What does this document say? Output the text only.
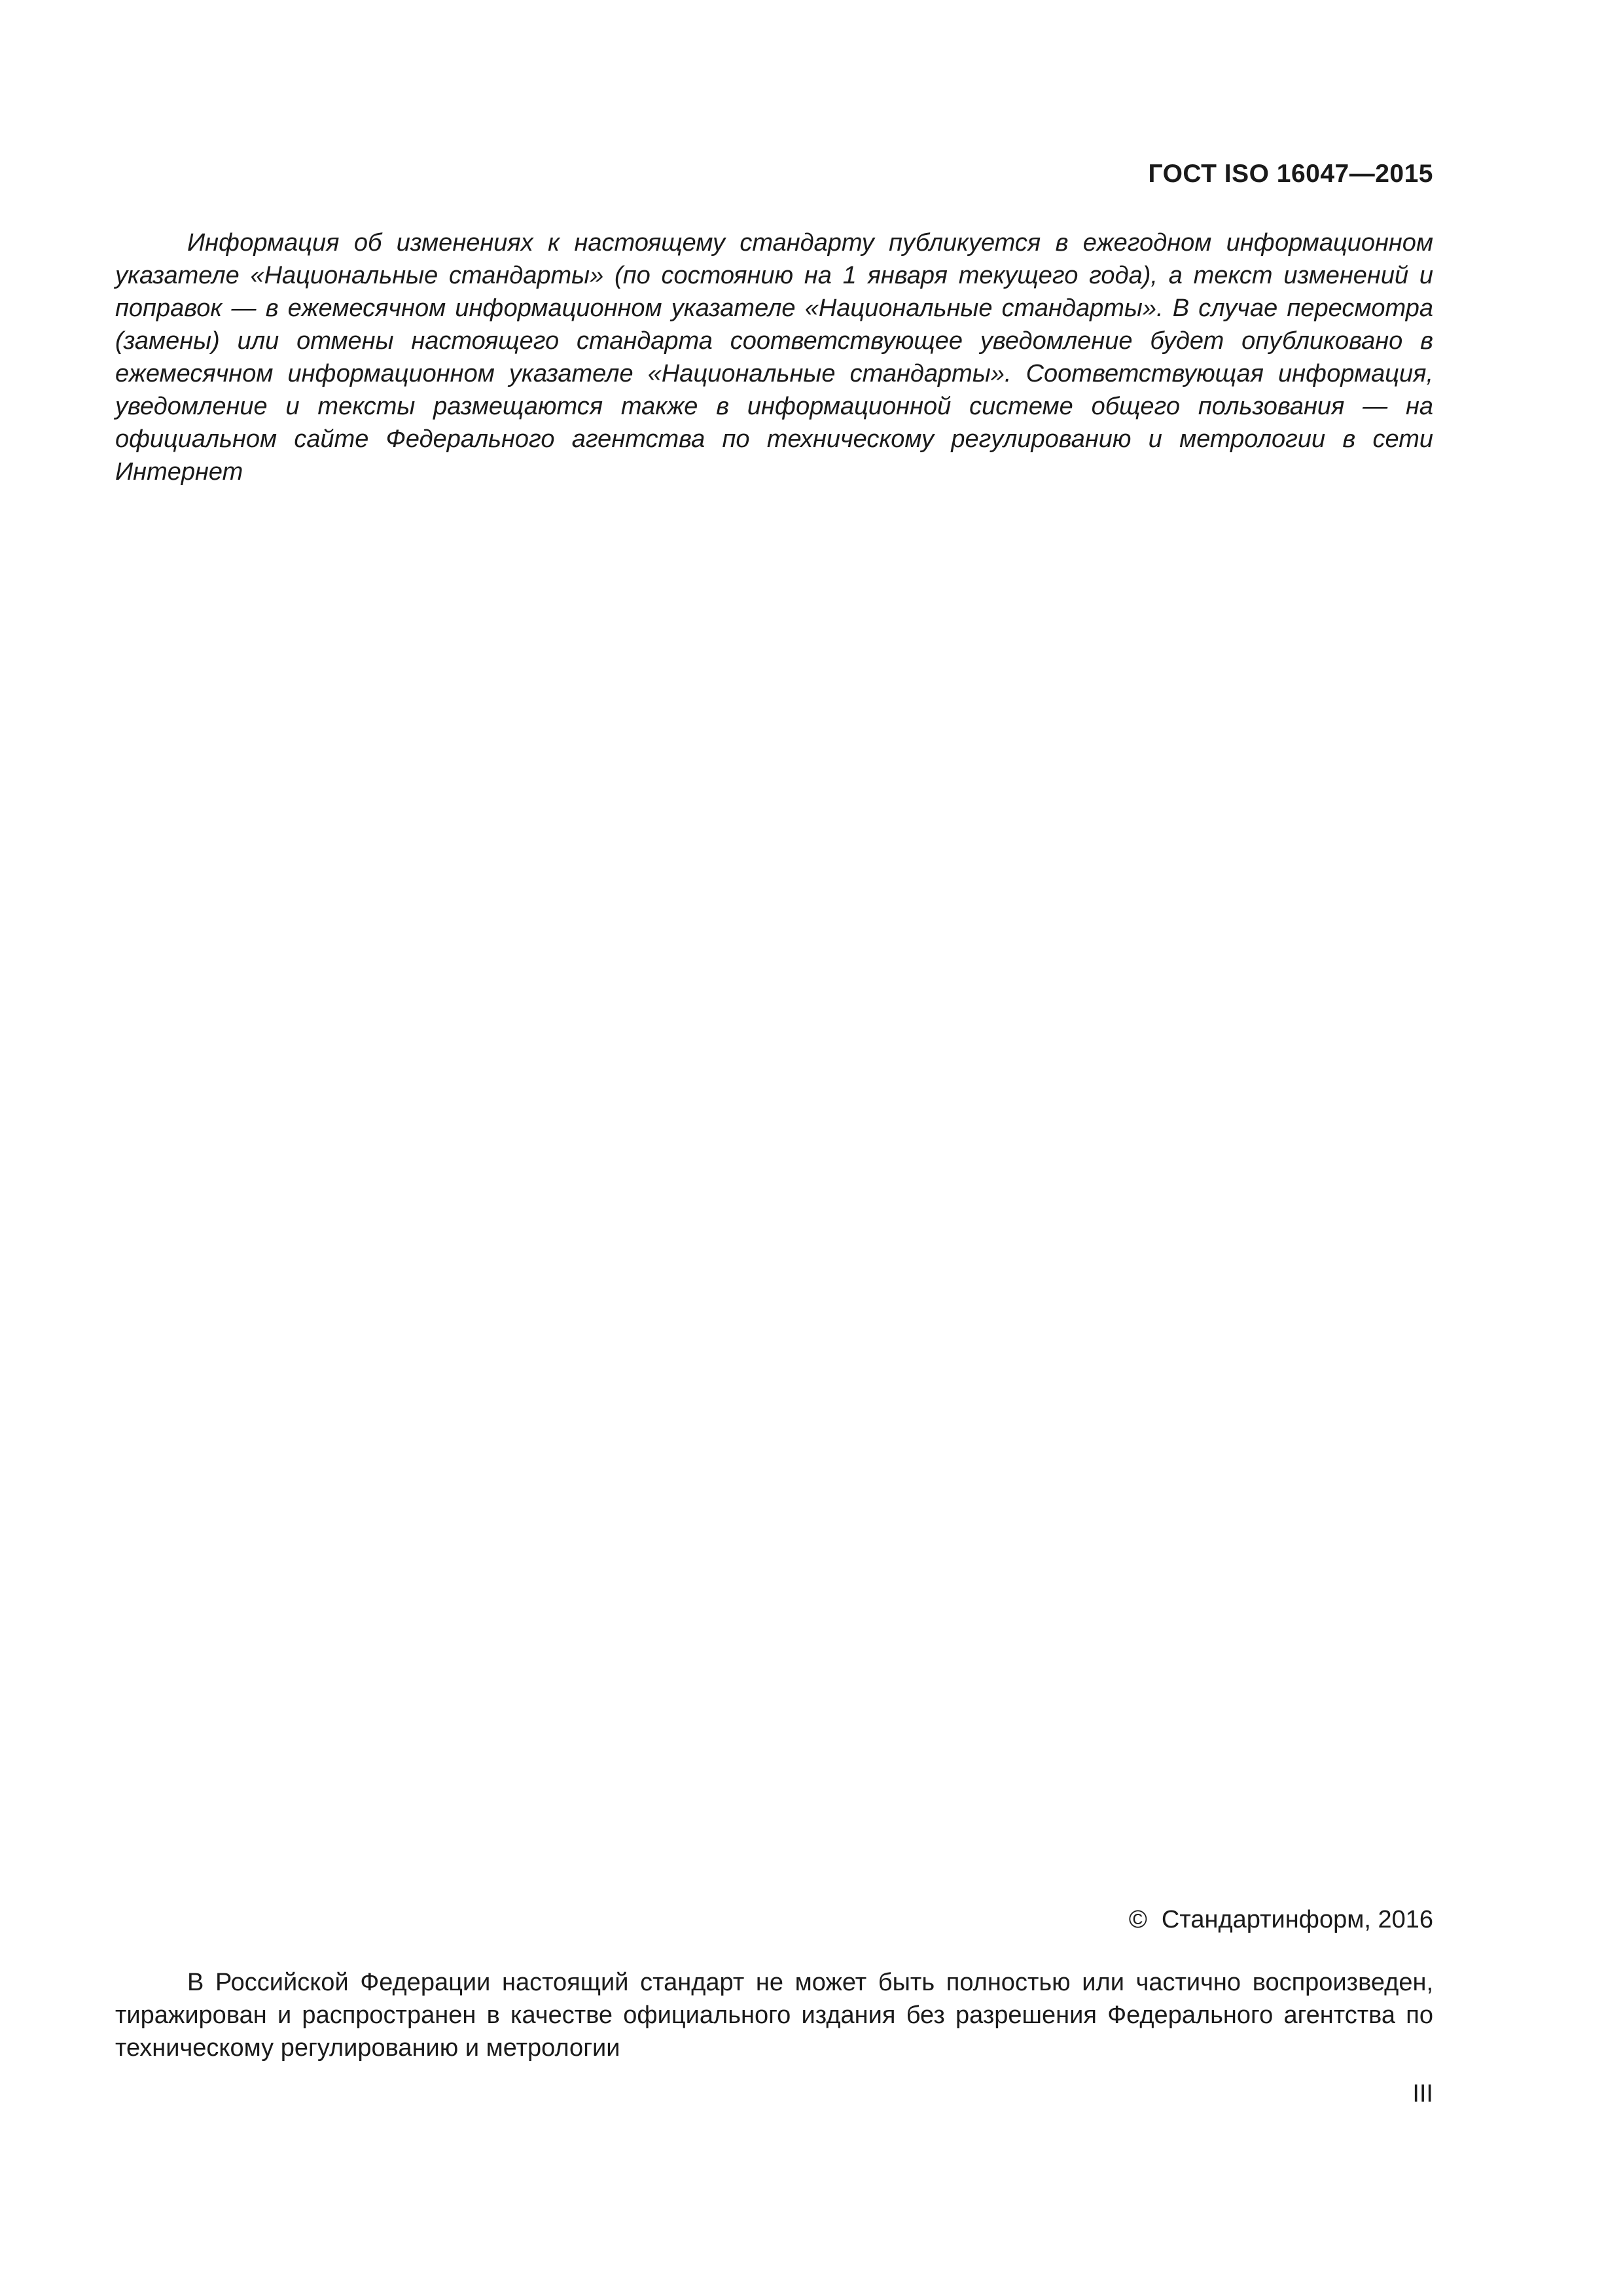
ГОСТ ISO 16047—2015

Информация об изменениях к настоящему стандарту публикуется в ежегодном информационном указателе «Национальные стандарты» (по состоянию на 1 января текущего года), а текст изменений и поправок — в ежемесячном информационном указателе «Национальные стандарты». В случае пересмотра (замены) или отмены настоящего стандарта соответствующее уведомление будет опубликовано в ежемесячном информационном указателе «Национальные стандарты». Соответствующая информация, уведомление и тексты размещаются также в информационной системе общего пользования — на официальном сайте Федерального агентства по техническому регулированию и метрологии в сети Интернет

© Стандартинформ, 2016

В Российской Федерации настоящий стандарт не может быть полностью или частично воспроизведен, тиражирован и распространен в качестве официального издания без разрешения Федерального агентства по техническому регулированию и метрологии

III
